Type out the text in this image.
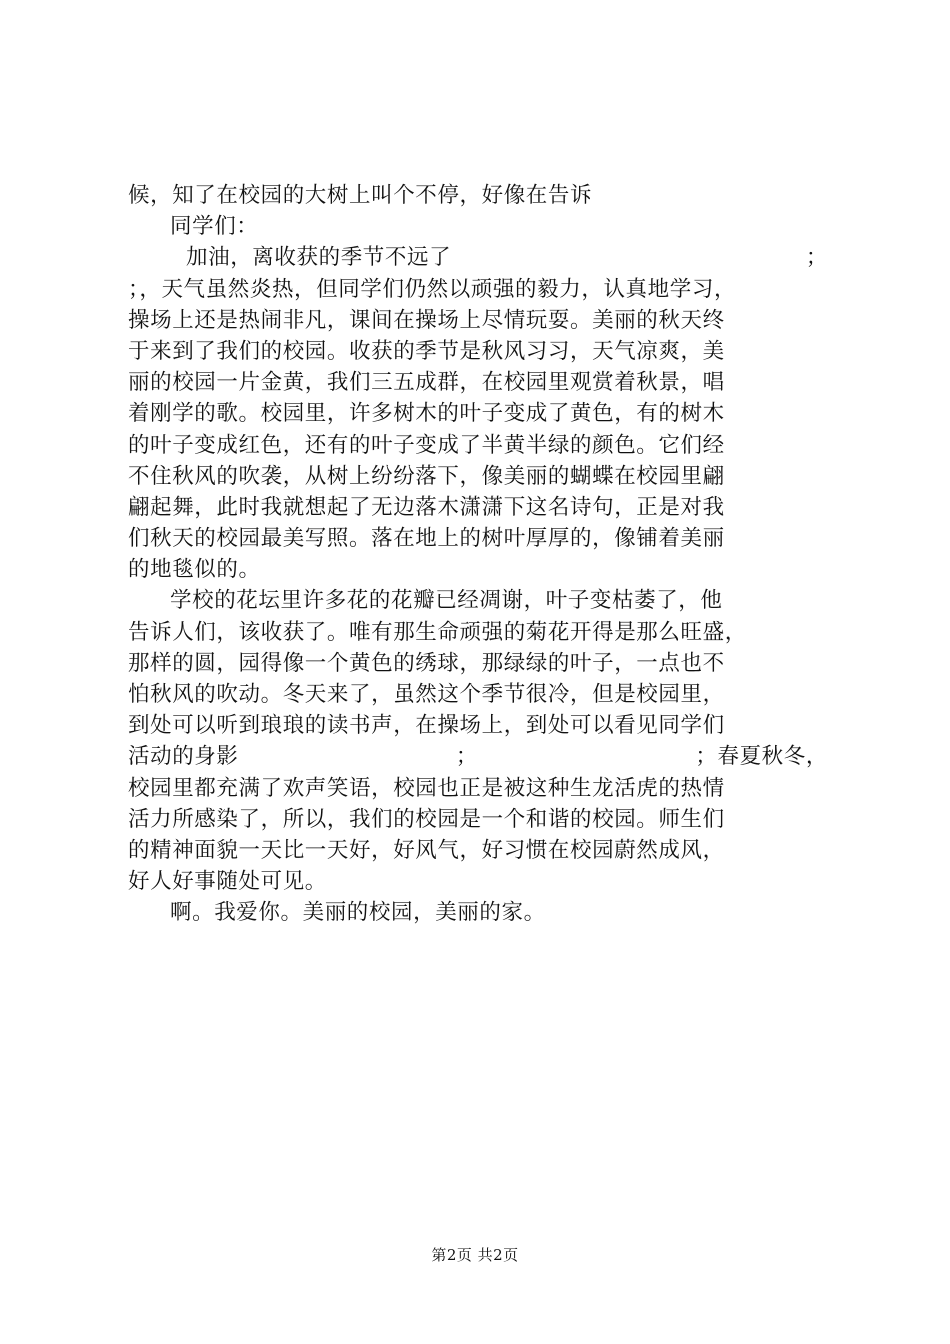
候，知了在校园的大树上叫个不停，好像在告诉
同学们：
加油，离收获的季节不远了	；
；，天气虽然炎热，但同学们仍然以顽强的毅力，认真地学习，
操场上还是热闹非凡，课间在操场上尽情玩耍。美丽的秋天终
于来到了我们的校园。收获的季节是秋风习习，天气凉爽，美
丽的校园一片金黄，我们三五成群，在校园里观赏着秋景，唱
着刚学的歌。校园里，许多树木的叶子变成了黄色，有的树木
的叶子变成红色，还有的叶子变成了半黄半绿的颜色。它们经
不住秋风的吹袭，从树上纷纷落下，像美丽的蝴蝶在校园里翩
翩起舞，此时我就想起了无边落木潇潇下这名诗句，正是对我
们秋天的校园最美写照。落在地上的树叶厚厚的，像铺着美丽
的地毯似的。
学校的花坛里许多花的花瓣已经凋谢，叶子变枯萎了，他
告诉人们，该收获了。唯有那生命顽强的菊花开得是那么旺盛，
那样的圆，园得像一个黄色的绣球，那绿绿的叶子，一点也不
怕秋风的吹动。冬天来了，虽然这个季节很冷，但是校园里，
到处可以听到琅琅的读书声，在操场上，到处可以看见同学们
活动的身影	；	；春夏秋冬，
校园里都充满了欢声笑语，校园也正是被这种生龙活虎的热情
活力所感染了，所以，我们的校园是一个和谐的校园。师生们
的精神面貌一天比一天好，好风气，好习惯在校园蔚然成风，
好人好事随处可见。
啊。我爱你。美丽的校园，美丽的家。
第2页 共2页
